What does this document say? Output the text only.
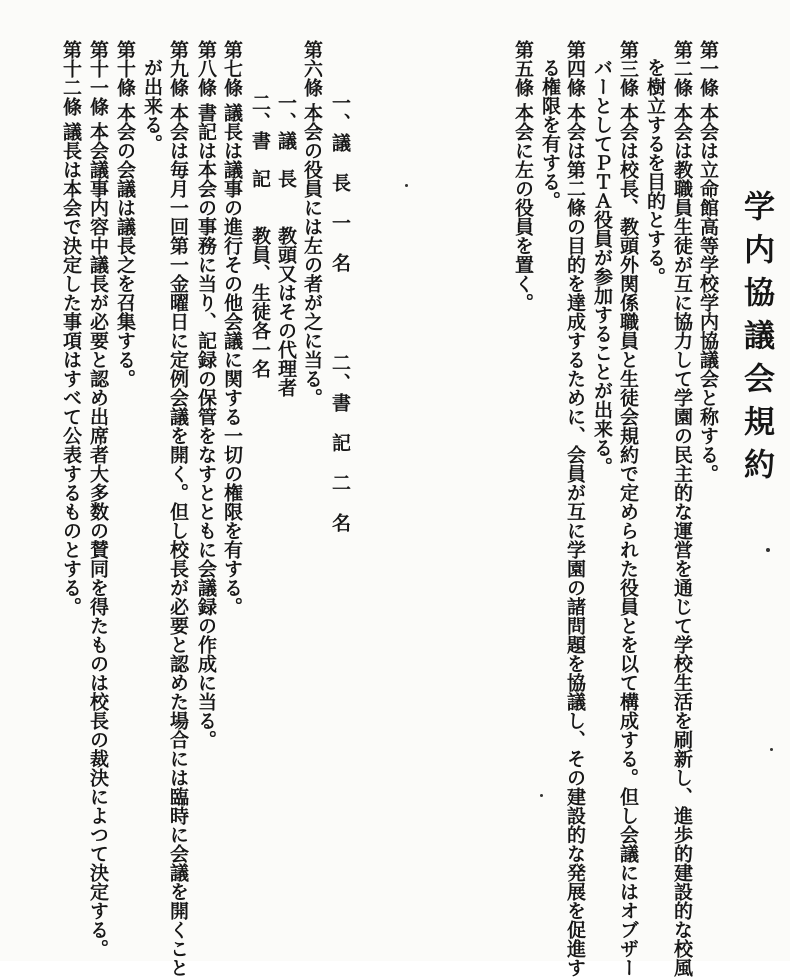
学内協議会規約
第一條本会は立命館高等学校学内協議会と称する。
第二條本会は教職員生徒が互に協力して学園の民主的な運営を通じて学校生活を刷新し、進歩的建設的な校風
を樹立するを目的とする。
第三條本会は校長、教頭外関係職員と生徒会規約で定められた役員とを以て構成する。但し会議にはオブザー
バーとしてＰＴＡ役員が参加することが出来る。
第四條本会は第二條の目的を達成するために、会員が互に学園の諸問題を協議し、その建設的な発展を促進す
る権限を有する。
第五條本会に左の役員を置く。
一、議　長　一　名　　　　二、書　記　二　名
第六條本会の役員には左の者が之に当る。
一、議　長　　教頭又はその代理者
二、書　記　　教員、生徒各一名
第七條議長は議事の進行その他会議に関する一切の権限を有する。
第八條書記は本会の事務に当り、記録の保管をなすとともに会議録の作成に当る。
第九條本会は毎月一回第一金曜日に定例会議を開く。但し校長が必要と認めた場合には臨時に会議を開くこと
が出来る。
第十條本会の会議は議長之を召集する。
第十一條本会議事内容中議長が必要と認め出席者大多数の賛同を得たものは校長の裁決によつて決定する。
第十二條議長は本会で決定した事項はすべて公表するものとする。
